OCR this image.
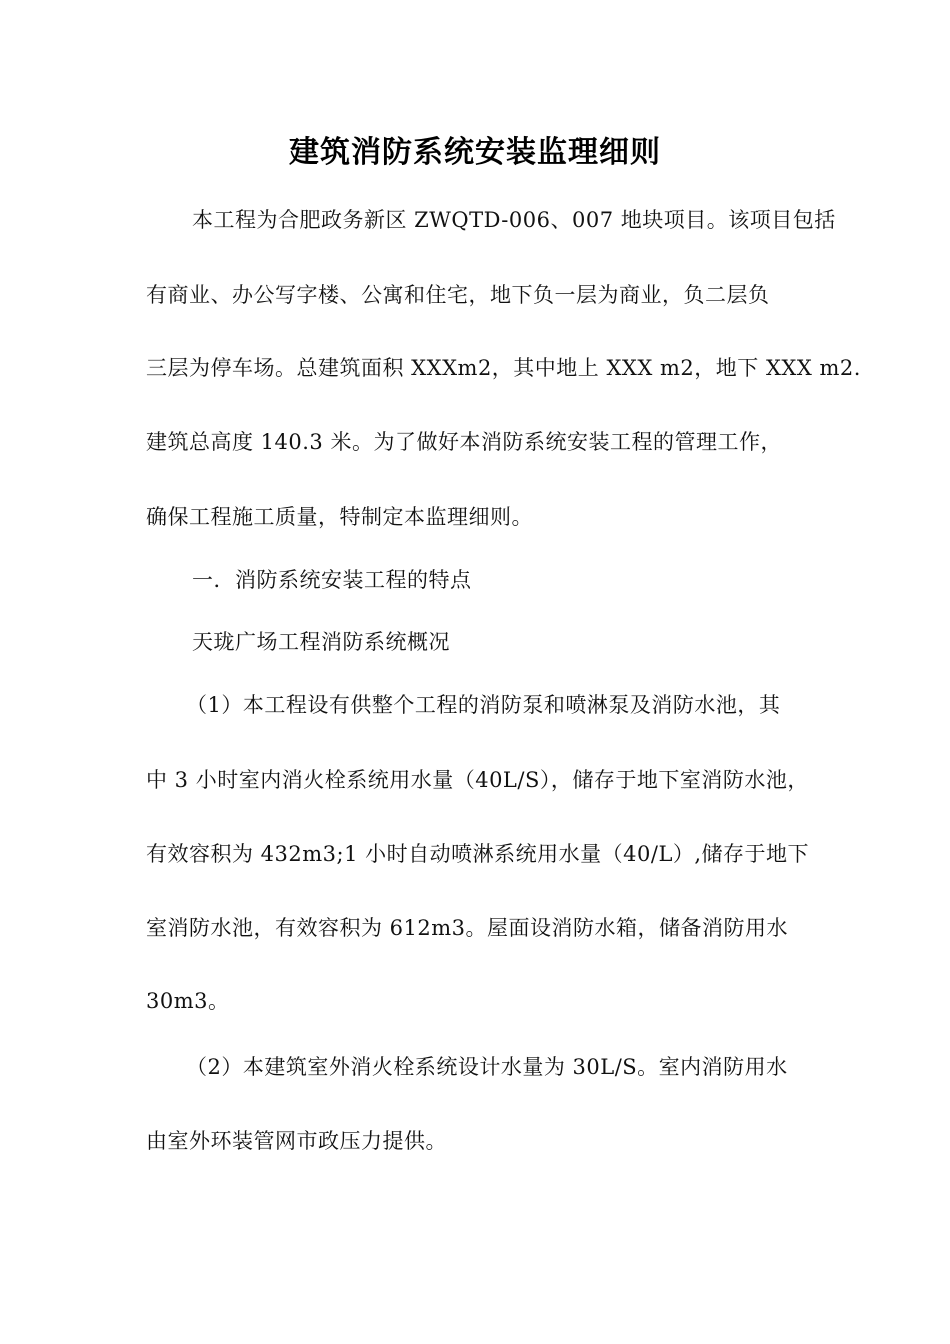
建筑消防系统安装监理细则
本工程为合肥政务新区 ZWQTD-006、007 地块项目。该项目包括
有商业、办公写字楼、公寓和住宅，地下负一层为商业，负二层负
三层为停车场。总建筑面积 XXXm2，其中地上 XXX m2，地下 XXX m2.
建筑总高度 140.3 米。为了做好本消防系统安装工程的管理工作，
确保工程施工质量，特制定本监理细则。
一．消防系统安装工程的特点
天珑广场工程消防系统概况
（1）本工程设有供整个工程的消防泵和喷淋泵及消防水池，其
中 3 小时室内消火栓系统用水量（40L/S），储存于地下室消防水池，
有效容积为 432m3;1 小时自动喷淋系统用水量（40/L）,储存于地下
室消防水池，有效容积为 612m3。屋面设消防水箱，储备消防用水
30m3。
（2）本建筑室外消火栓系统设计水量为 30L/S。室内消防用水
由室外环装管网市政压力提供。
